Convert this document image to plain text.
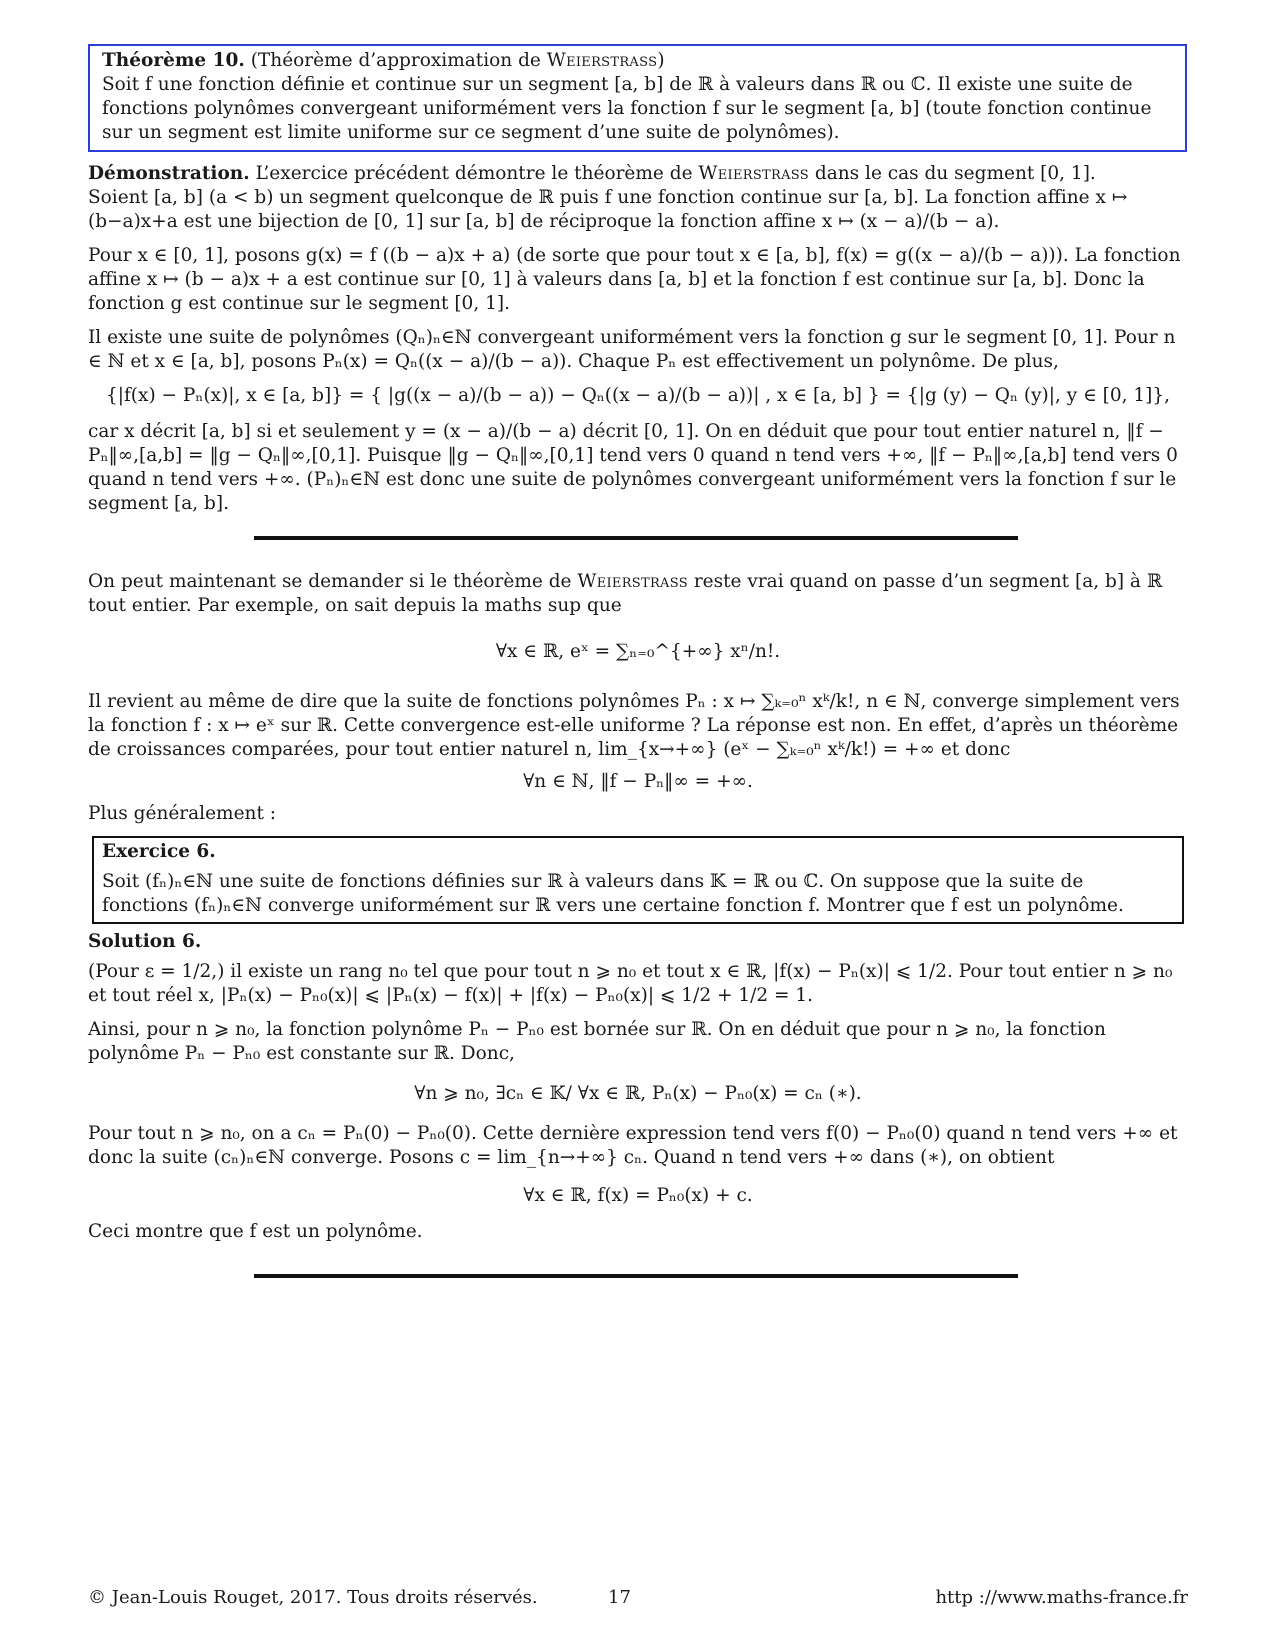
Théorème 10. (Théorème d’approximation de Weierstrass)

Soit f une fonction définie et continue sur un segment [a, b] de ℝ à valeurs dans ℝ ou ℂ. Il existe une suite de fonctions polynômes convergeant uniformément vers la fonction f sur le segment [a, b] (toute fonction continue sur un segment est limite uniforme sur ce segment d’une suite de polynômes).

Démonstration. L’exercice précédent démontre le théorème de Weierstrass dans le cas du segment [0, 1].

Soient [a, b] (a < b) un segment quelconque de ℝ puis f une fonction continue sur [a, b]. La fonction affine x ↦ (b−a)x+a est une bijection de [0, 1] sur [a, b] de réciproque la fonction affine x ↦ (x − a)/(b − a).

Pour x ∈ [0, 1], posons g(x) = f ((b − a)x + a) (de sorte que pour tout x ∈ [a, b], f(x) = g((x − a)/(b − a))). La fonction affine x ↦ (b − a)x + a est continue sur [0, 1] à valeurs dans [a, b] et la fonction f est continue sur [a, b]. Donc la fonction g est continue sur le segment [0, 1].

Il existe une suite de polynômes (Qₙ)ₙ∈ℕ convergeant uniformément vers la fonction g sur le segment [0, 1]. Pour n ∈ ℕ et x ∈ [a, b], posons Pₙ(x) = Qₙ((x − a)/(b − a)). Chaque Pₙ est effectivement un polynôme. De plus,

{|f(x) − Pₙ(x)|, x ∈ [a, b]} = { |g((x − a)/(b − a)) − Qₙ((x − a)/(b − a))| , x ∈ [a, b] } = {|g (y) − Qₙ (y)|, y ∈ [0, 1]},

car x décrit [a, b] si et seulement y = (x − a)/(b − a) décrit [0, 1]. On en déduit que pour tout entier naturel n, ‖f − Pₙ‖∞,[a,b] = ‖g − Qₙ‖∞,[0,1]. Puisque ‖g − Qₙ‖∞,[0,1] tend vers 0 quand n tend vers +∞, ‖f − Pₙ‖∞,[a,b] tend vers 0 quand n tend vers +∞. (Pₙ)ₙ∈ℕ est donc une suite de polynômes convergeant uniformément vers la fonction f sur le segment [a, b].

On peut maintenant se demander si le théorème de Weierstrass reste vrai quand on passe d’un segment [a, b] à ℝ tout entier. Par exemple, on sait depuis la maths sup que

∀x ∈ ℝ, eˣ = ∑ₙ₌₀^{+∞} xⁿ/n!.

Il revient au même de dire que la suite de fonctions polynômes Pₙ : x ↦ ∑ₖ₌₀ⁿ xᵏ/k!, n ∈ ℕ, converge simplement vers la fonction f : x ↦ eˣ sur ℝ. Cette convergence est-elle uniforme ? La réponse est non. En effet, d’après un théorème de croissances comparées, pour tout entier naturel n, lim_{x→+∞} (eˣ − ∑ₖ₌₀ⁿ xᵏ/k!) = +∞ et donc

∀n ∈ ℕ, ‖f − Pₙ‖∞ = +∞.

Plus généralement :

Exercice 6.

Soit (fₙ)ₙ∈ℕ une suite de fonctions définies sur ℝ à valeurs dans 𝕂 = ℝ ou ℂ. On suppose que la suite de fonctions (fₙ)ₙ∈ℕ converge uniformément sur ℝ vers une certaine fonction f. Montrer que f est un polynôme.

Solution 6.

(Pour ε = 1/2,) il existe un rang n₀ tel que pour tout n ⩾ n₀ et tout x ∈ ℝ, |f(x) − Pₙ(x)| ⩽ 1/2. Pour tout entier n ⩾ n₀ et tout réel x, |Pₙ(x) − Pₙ₀(x)| ⩽ |Pₙ(x) − f(x)| + |f(x) − Pₙ₀(x)| ⩽ 1/2 + 1/2 = 1.

Ainsi, pour n ⩾ n₀, la fonction polynôme Pₙ − Pₙ₀ est bornée sur ℝ. On en déduit que pour n ⩾ n₀, la fonction polynôme Pₙ − Pₙ₀ est constante sur ℝ. Donc,

∀n ⩾ n₀, ∃cₙ ∈ 𝕂/ ∀x ∈ ℝ, Pₙ(x) − Pₙ₀(x) = cₙ (∗).

Pour tout n ⩾ n₀, on a cₙ = Pₙ(0) − Pₙ₀(0). Cette dernière expression tend vers f(0) − Pₙ₀(0) quand n tend vers +∞ et donc la suite (cₙ)ₙ∈ℕ converge. Posons c = lim_{n→+∞} cₙ. Quand n tend vers +∞ dans (∗), on obtient

∀x ∈ ℝ, f(x) = Pₙ₀(x) + c.

Ceci montre que f est un polynôme.

© Jean-Louis Rouget, 2017. Tous droits réservés.	17	http ://www.maths-france.fr
